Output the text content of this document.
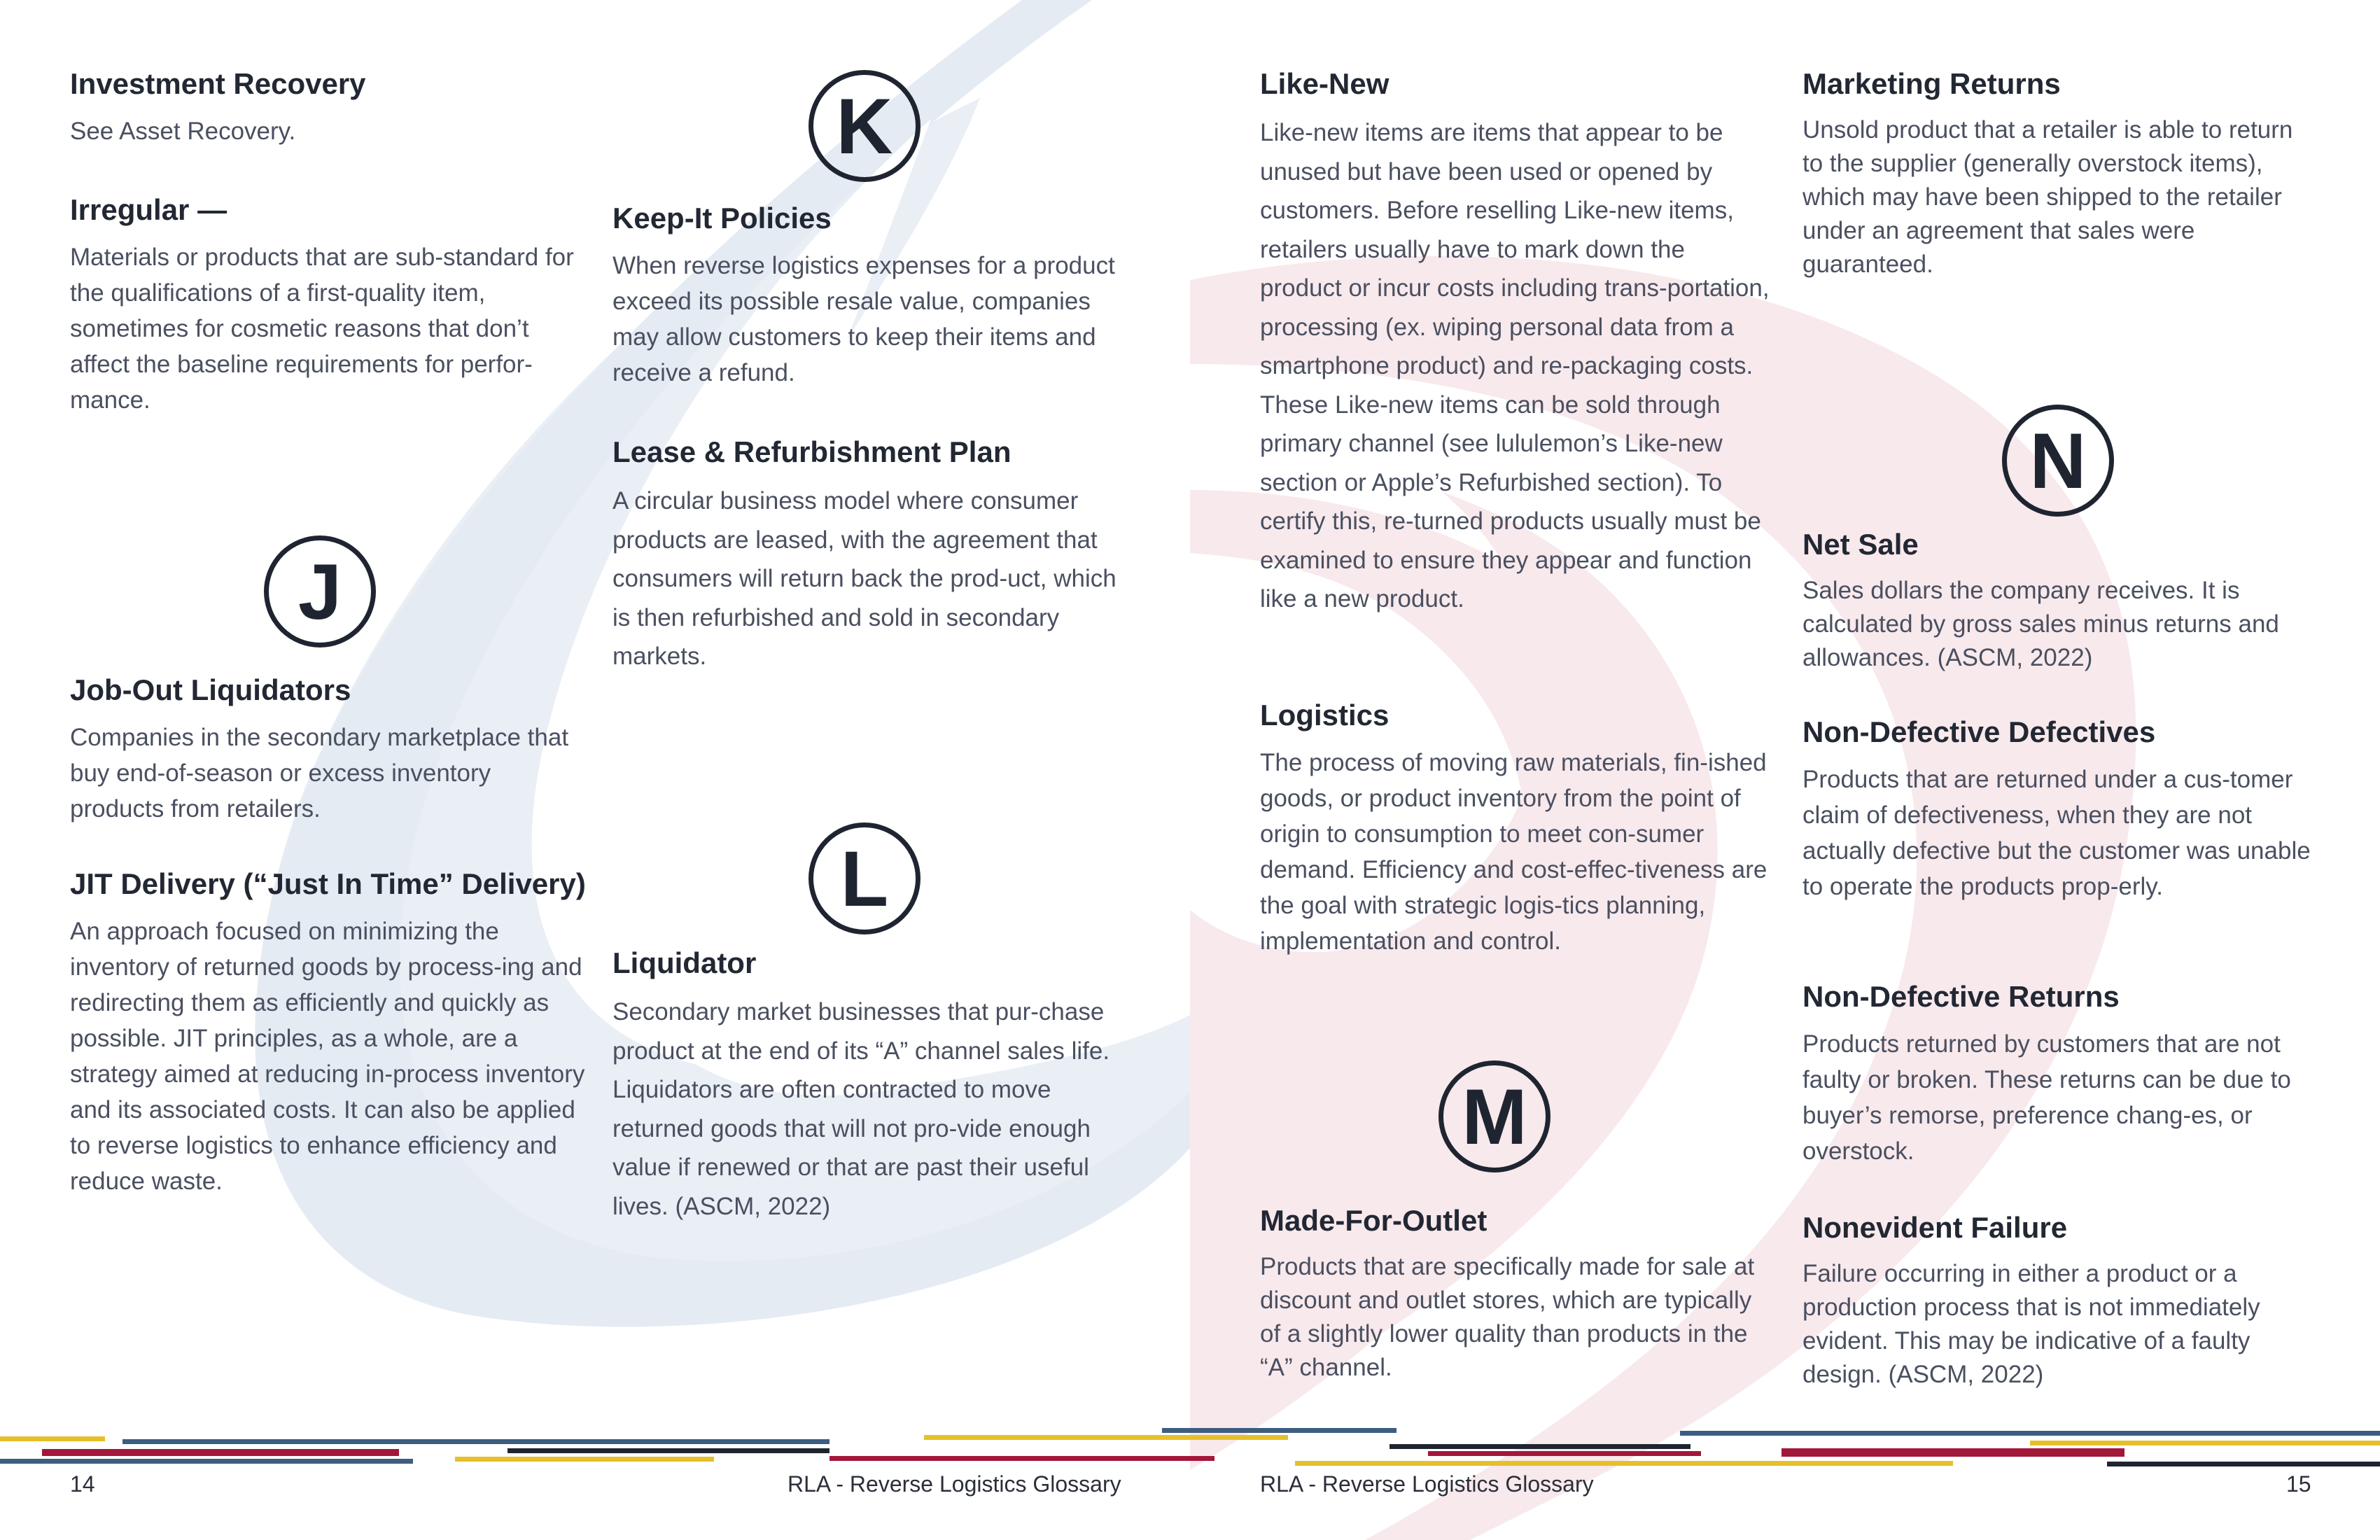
Investment Recovery

See Asset Recovery.

Irregular —

Materials or products that are sub-standard for the qualifications of a first-quality item, sometimes for cosmetic reasons that don’t affect the baseline requirements for perfor-mance.

J
Job-Out Liquidators

Companies in the secondary marketplace that buy end-of-season or excess inventory products from retailers.

JIT Delivery (“Just In Time” Delivery)

An approach focused on minimizing the inventory of returned goods by process-ing and redirecting them as efficiently and quickly as possible. JIT principles, as a whole, are a strategy aimed at reducing in-process inventory and its associated costs. It can also be applied to reverse logistics to enhance efficiency and reduce waste.

K
Keep-It Policies

When reverse logistics expenses for a product exceed its possible resale value, companies may allow customers to keep their items and receive a refund.

Lease & Refurbishment Plan

A circular business model where consumer products are leased, with the agreement that consumers will return back the prod-uct, which is then refurbished and sold in secondary markets.

L
Liquidator

Secondary market businesses that pur-chase product at the end of its “A” channel sales life. Liquidators are often contracted to move returned goods that will not pro-vide enough value if renewed or that are past their useful lives. (ASCM, 2022)

Like-New

Like-new items are items that appear to be unused but have been used or opened by customers. Before reselling Like-new items, retailers usually have to mark down the product or incur costs including trans-portation, processing (ex. wiping personal data from a smartphone product) and re-packaging costs. These Like-new items can be sold through primary channel (see lululemon’s Like-new section or Apple’s Refurbished section). To certify this, re-turned products usually must be examined to ensure they appear and function like a new product.

Logistics

The process of moving raw materials, fin-ished goods, or product inventory from the point of origin to consumption to meet con-sumer demand. Efficiency and cost-effec-tiveness are the goal with strategic logis-tics planning, implementation and control.

M
Made-For-Outlet

Products that are specifically made for sale at discount and outlet stores, which are typically of a slightly lower quality than products in the “A” channel.

Marketing Returns

Unsold product that a retailer is able to return to the supplier (generally overstock items), which may have been shipped to the retailer under an agreement that sales were guaranteed.

N
Net Sale

Sales dollars the company receives. It is calculated by gross sales minus returns and allowances. (ASCM, 2022)

Non-Defective Defectives

Products that are returned under a cus-tomer claim of defectiveness, when they are not actually defective but the customer was unable to operate the products prop-erly.

Non-Defective Returns

Products returned by customers that are not faulty or broken. These returns can be due to buyer’s remorse, preference chang-es, or overstock.

Nonevident Failure

Failure occurring in either a product or a production process that is not immediately evident. This may be indicative of a faulty design. (ASCM, 2022)

14	RLA - Reverse Logistics Glossary	RLA - Reverse Logistics Glossary	15
